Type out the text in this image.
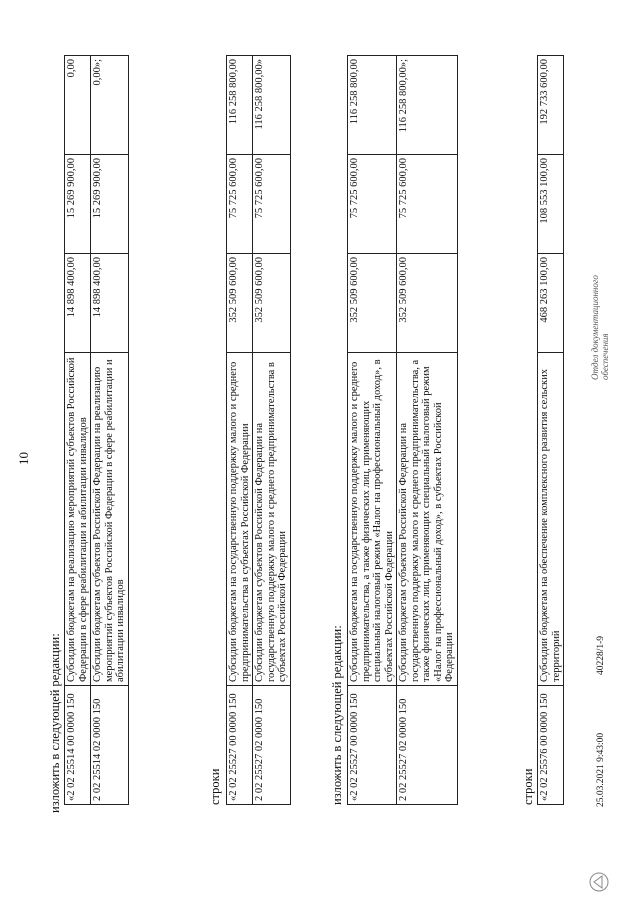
10
изложить в следующей редакции: «2 02 25514 00 0000 150	Субсидии бюджетам на реализацию мероприятий субъектов Российской Федерации в сфере реабилитации и абилитации инвалидов	14 898 400,00	15 269 900,00	0,00
2 02 25514 02 0000 150	Субсидии бюджетам субъектов Российской Федерации на реализацию мероприятий субъектов Российской Федерации в сфере реабилитации и абилитации инвалидов	14 898 400,00	15 269 900,00	0,00»;
строки «2 02 25527 00 0000 150	Субсидии бюджетам на государственную поддержку малого и среднего предпринимательства в субъектах Российской Федерации	352 509 600,00	75 725 600,00	116 258 800,00
2 02 25527 02 0000 150	Субсидии бюджетам субъектов Российской Федерации на государственную поддержку малого и среднего предпринимательства в субъектах Российской Федерации	352 509 600,00	75 725 600,00	116 258 800,00»
изложить в следующей редакции: «2 02 25527 00 0000 150	Субсидии бюджетам на государственную поддержку малого и среднего предпринимательства, а также физических лиц, применяющих специальный налоговый режим «Налог на профессиональный доход», в субъектах Российской Федерации	352 509 600,00	75 725 600,00	116 258 800,00
2 02 25527 02 0000 150	Субсидии бюджетам субъектов Российской Федерации на государственную поддержку малого и среднего предпринимательства, а также физических лиц, применяющих специальный налоговый режим «Налог на профессиональный доход», в субъектах Российской Федерации	352 509 600,00	75 725 600,00	116 258 800,00»;
строки «2 02 25576 00 0000 150	Субсидии бюджетам на обеспечение комплексного развития сельских территорий	468 263 100,00	108 553 100,00	192 733 600,00
25.03.2021 9:43:00
40228/1-9
Отдел документационного обеспечения
